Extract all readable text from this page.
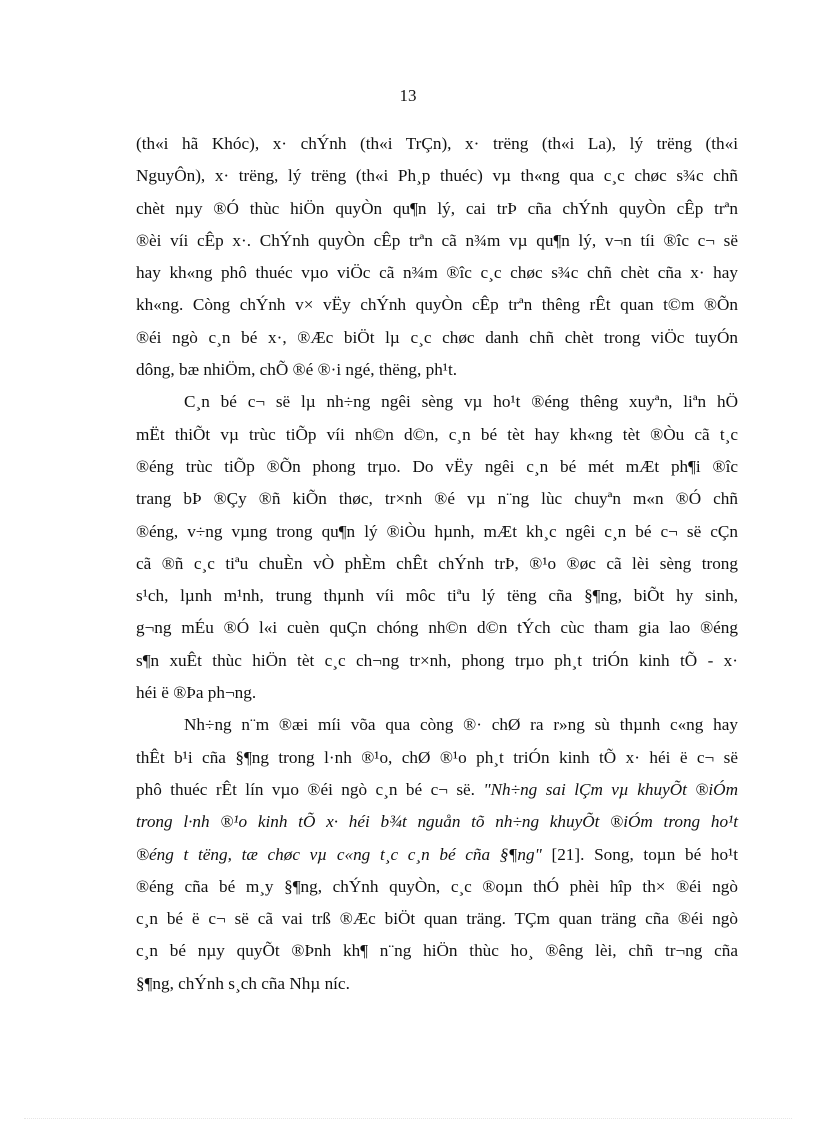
13
(th«i hã Khóc), x· chÝnh (th«i TrÇn), x· trëng (th«i La), lý trëng (th«i
NguyÔn), x· trëng, lý trëng (th«i Ph¸p thuéc) vµ th«ng qua c¸c chøc s¾c chñ
chèt nµy ®Ó thùc hiÖn quyÒn qu¶n lý, cai trÞ cña chÝnh quyÒn cÊp trªn
®èi víi cÊp x·. ChÝnh quyÒn cÊp trªn cã n¾m vµ qu¶n lý, v¬n tíi ®îc c¬ së
hay kh«ng phô thuéc vµo viÖc cã n¾m ®îc c¸c chøc s¾c chñ chèt cña x· hay
kh«ng. Còng chÝnh v× vËy chÝnh quyÒn cÊp trªn thêng rÊt quan t©m ®Õn
®éi ngò c¸n bé x·, ®Æc biÖt lµ c¸c chøc danh chñ chèt trong viÖc tuyÓn
dông, bæ nhiÖm, chÕ ®é ®·i ngé, thëng, ph¹t.
C¸n bé c¬ së lµ nh÷ng ngêi sèng vµ ho¹t ®éng thêng xuyªn, liªn hÖ
mËt thiÕt vµ trùc tiÕp víi nh©n d©n, c¸n bé tèt hay kh«ng tèt ®Òu cã t¸c
®éng trùc tiÕp ®Õn phong trµo. Do vËy ngêi c¸n bé mét mÆt ph¶i ®îc
trang bÞ ®Çy ®ñ kiÕn thøc, tr×nh ®é vµ n¨ng lùc chuyªn m«n ®Ó chñ
®éng, v÷ng vµng trong qu¶n lý ®iÒu hµnh, mÆt kh¸c ngêi c¸n bé c¬ së cÇn
cã ®ñ c¸c tiªu chuÈn vÒ phÈm chÊt chÝnh trÞ, ®¹o ®øc cã lèi sèng trong
s¹ch, lµnh m¹nh, trung thµnh víi môc tiªu lý tëng cña §¶ng, biÕt hy sinh,
g¬ng mÉu ®Ó l«i cuèn quÇn chóng nh©n d©n tÝch cùc tham gia lao ®éng
s¶n xuÊt thùc hiÖn tèt c¸c ch¬ng tr×nh, phong trµo ph¸t triÓn kinh tÕ - x·
héi ë ®Þa ph¬ng.
Nh÷ng n¨m ®æi míi võa qua còng ®· chØ ra r»ng sù thµnh c«ng hay
thÊt b¹i cña §¶ng trong l·nh ®¹o, chØ ®¹o ph¸t triÓn kinh tÕ x· héi ë c¬ së
phô thuéc rÊt lín vµo ®éi ngò c¸n bé c¬ së. "Nh÷ng sai lÇm vµ khuyÕt ®iÓm
trong l·nh ®¹o kinh tÕ x· héi b¾t nguån tõ nh÷ng khuyÕt ®iÓm trong ho¹t
®éng t tëng, tæ chøc vµ c«ng t¸c c¸n bé cña §¶ng" [21]. Song, toµn bé ho¹t
®éng cña bé m¸y §¶ng, chÝnh quyÒn, c¸c ®oµn thÓ phèi hîp th× ®éi ngò
c¸n bé ë c¬ së cã vai trß ®Æc biÖt quan träng. TÇm quan träng cña ®éi ngò
c¸n bé nµy quyÕt ®Þnh kh¶ n¨ng hiÖn thùc ho¸ ®êng lèi, chñ tr¬ng cña
§¶ng, chÝnh s¸ch cña Nhµ níc.
